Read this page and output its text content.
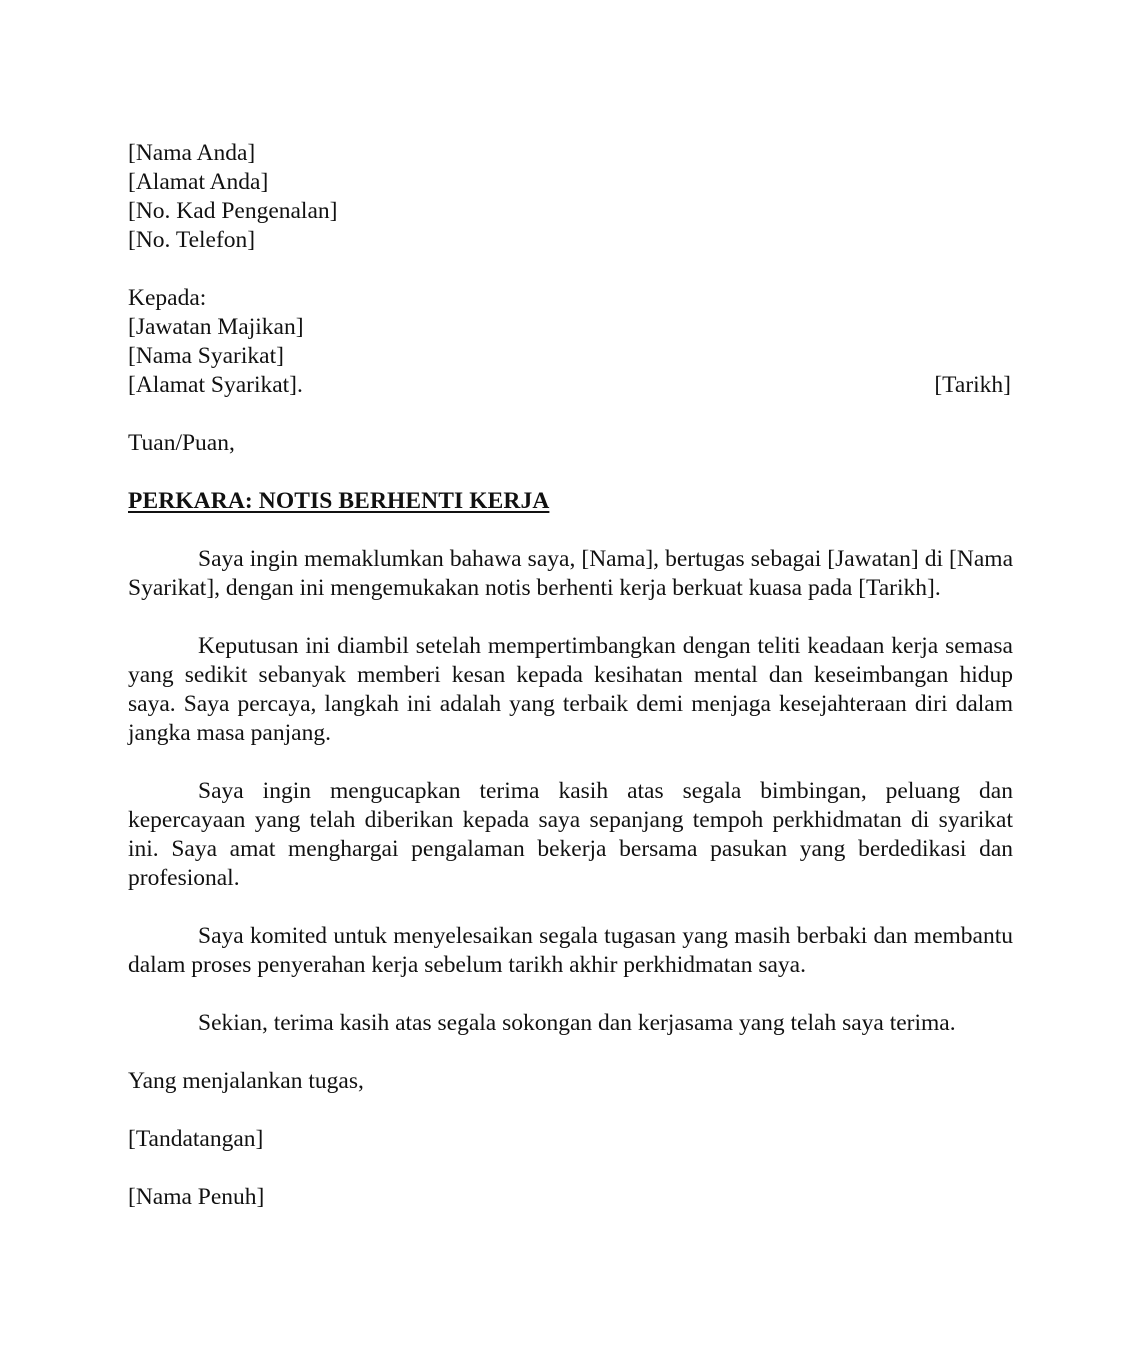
[Nama Anda]
[Alamat Anda]
[No. Kad Pengenalan]
[No. Telefon]
Kepada:
[Jawatan Majikan]
[Nama Syarikat]
[Alamat Syarikat].	[Tarikh]
Tuan/Puan,
PERKARA: NOTIS BERHENTI KERJA

Saya ingin memaklumkan bahawa saya, [Nama], bertugas sebagai [Jawatan] di [Nama Syarikat], dengan ini mengemukakan notis berhenti kerja berkuat kuasa pada [Tarikh].

Keputusan ini diambil setelah mempertimbangkan dengan teliti keadaan kerja semasa yang sedikit sebanyak memberi kesan kepada kesihatan mental dan keseimbangan hidup saya. Saya percaya, langkah ini adalah yang terbaik demi menjaga kesejahteraan diri dalam jangka masa panjang.

Saya ingin mengucapkan terima kasih atas segala bimbingan, peluang dan kepercayaan yang telah diberikan kepada saya sepanjang tempoh perkhidmatan di syarikat ini. Saya amat menghargai pengalaman bekerja bersama pasukan yang berdedikasi dan profesional.

Saya komited untuk menyelesaikan segala tugasan yang masih berbaki dan membantu dalam proses penyerahan kerja sebelum tarikh akhir perkhidmatan saya.

Sekian, terima kasih atas segala sokongan dan kerjasama yang telah saya terima.

Yang menjalankan tugas,
[Tandatangan]
[Nama Penuh]
